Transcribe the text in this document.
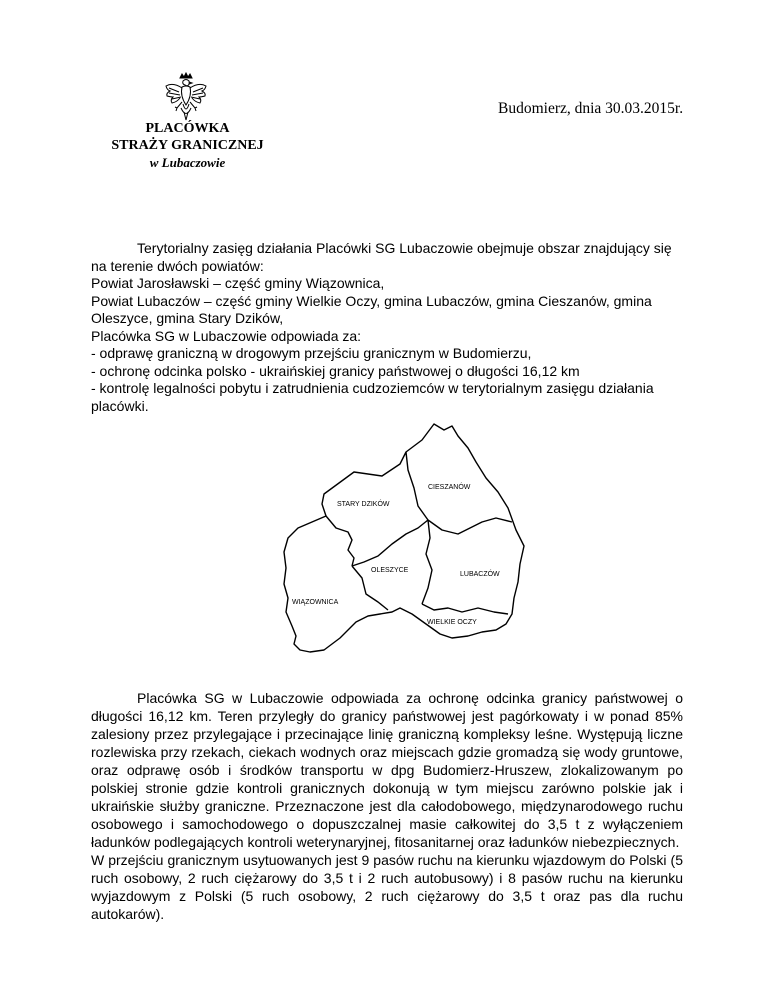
Budomierz, dnia 30.03.2015r.
PLACÓWKA
STRAŻY GRANICZNEJ
w Lubaczowie

Terytorialny zasięg działania Placówki SG Lubaczowie obejmuje obszar znajdujący się na terenie dwóch powiatów:

Powiat Jarosławski – część gminy Wiązownica,

Powiat Lubaczów – część gminy Wielkie Oczy, gmina Lubaczów, gmina Cieszanów, gmina Oleszyce, gmina Stary Dzików,

Placówka SG w Lubaczowie odpowiada za:

- odprawę graniczną w drogowym przejściu granicznym w Budomierzu,

- ochronę odcinka polsko - ukraińskiej granicy państwowej o długości 16,12 km

- kontrolę legalności pobytu i zatrudnienia cudzoziemców w terytorialnym zasięgu działania placówki.

CIESZANÓW
STARY DZIKÓW
OLESZYCE
LUBACZÓW
WIĄZOWNICA
WIELKIE OCZY

Placówka SG w Lubaczowie odpowiada za ochronę odcinka granicy państwowej o długości 16,12 km. Teren przyległy do granicy państwowej jest pagórkowaty i w ponad 85% zalesiony przez przylegające i przecinające linię graniczną kompleksy leśne. Występują liczne rozlewiska przy rzekach, ciekach wodnych oraz miejscach gdzie gromadzą się wody gruntowe, oraz odprawę osób i środków transportu w dpg Budomierz-Hruszew, zlokalizowanym po polskiej stronie gdzie kontroli granicznych dokonują w tym miejscu zarówno polskie jak i ukraińskie służby graniczne. Przeznaczone jest dla całodobowego, międzynarodowego ruchu osobowego i samochodowego o dopuszczalnej masie całkowitej do 3,5 t z wyłączeniem ładunków podlegających kontroli weterynaryjnej, fitosanitarnej oraz ładunków niebezpiecznych.

W przejściu granicznym usytuowanych jest 9 pasów ruchu na kierunku wjazdowym do Polski (5 ruch osobowy, 2 ruch ciężarowy do 3,5 t i 2 ruch autobusowy) i 8 pasów ruchu na kierunku wyjazdowym z Polski (5 ruch osobowy, 2 ruch ciężarowy do 3,5 t oraz pas dla ruchu autokarów).
